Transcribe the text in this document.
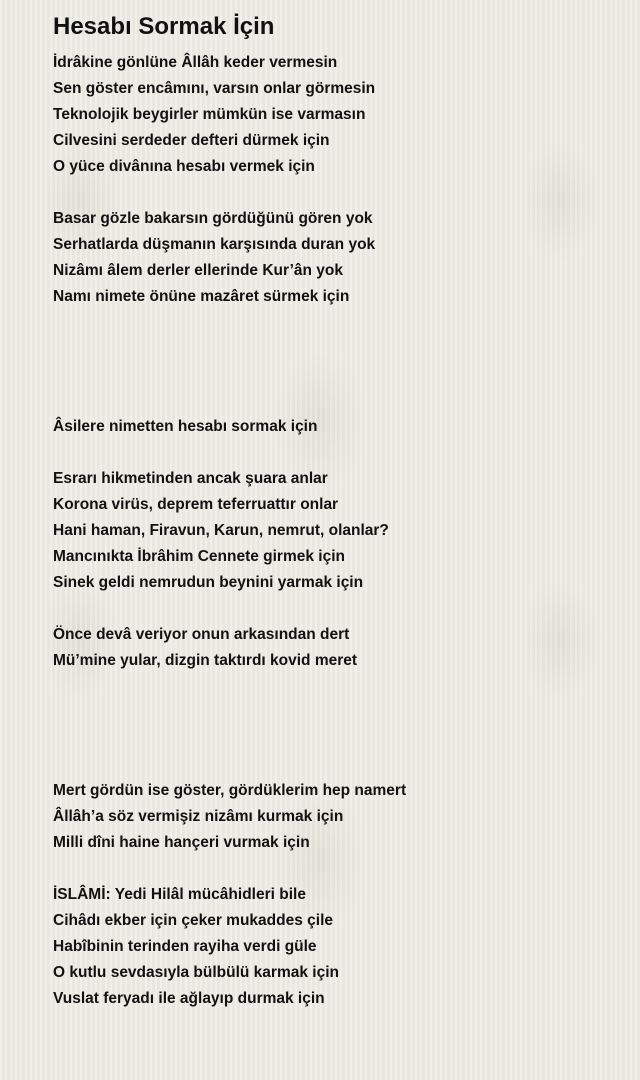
Hesabı Sormak İçin
İdrâkine gönlüne Âllâh keder vermesin
Sen göster encâmını, varsın onlar görmesin
Teknolojik beygirler mümkün ise varmasın
Cilvesini serdeder defteri dürmek için
O yüce divânına hesabı vermek için
Basar gözle bakarsın gördüğünü gören yok
Serhatlarda düşmanın karşısında duran yok
Nizâmı âlem derler ellerinde Kur’ân yok
Namı nimete önüne mazâret sürmek için
Âsilere nimetten hesabı sormak için
Esrarı hikmetinden ancak şuara anlar
Korona virüs, deprem teferruattır onlar
Hani haman, Firavun, Karun, nemrut, olanlar?
Mancınıkta İbrâhim Cennete girmek için
Sinek geldi nemrudun beynini yarmak için
Önce devâ veriyor onun arkasından dert
Mü’mine yular, dizgin taktırdı kovid meret
Mert gördün ise göster, gördüklerim hep namert
Âllâh’a söz vermişiz nizâmı kurmak için
Milli dîni haine hançeri vurmak için
İSLÂMİ: Yedi Hilâl mücâhidleri bile
Cihâdı ekber için çeker mukaddes çile
Habîbinin terinden rayiha verdi güle
O kutlu sevdasıyla bülbülü karmak için
Vuslat feryadı ile ağlayıp durmak için
